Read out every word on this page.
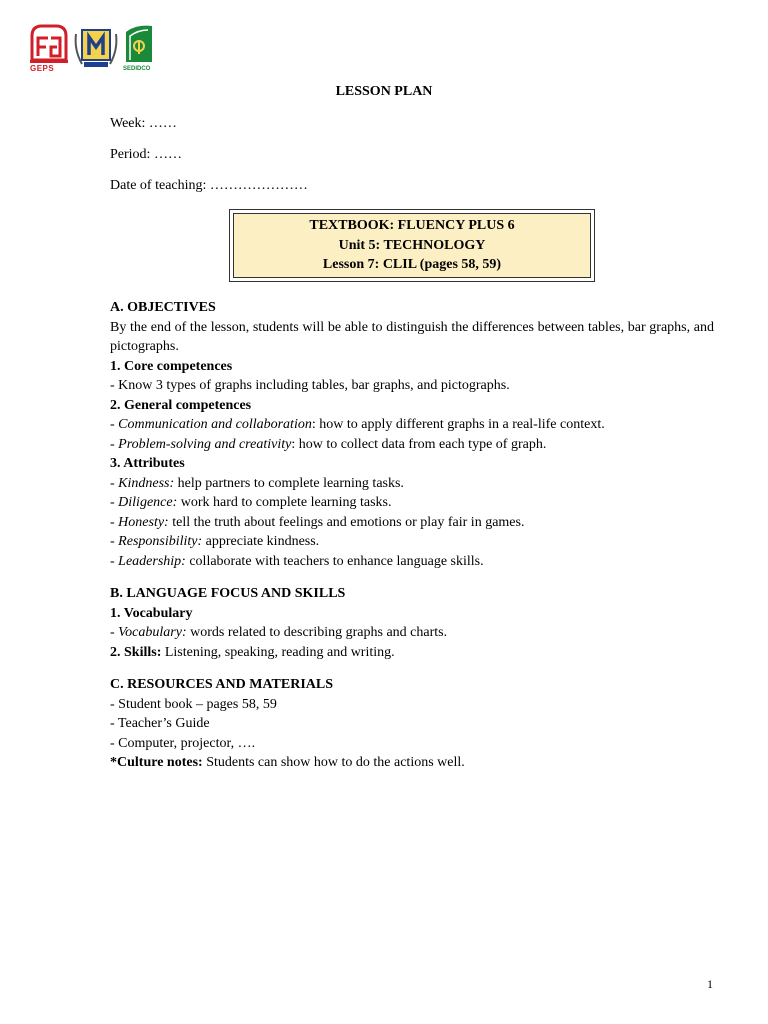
GEPS	SEDIDCO
LESSON PLAN
Week: ……
Period: ……
Date of teaching: …………………
TEXTBOOK: FLUENCY PLUS 6
Unit 5: TECHNOLOGY
Lesson 7: CLIL (pages 58, 59)

A. OBJECTIVES

By the end of the lesson, students will be able to distinguish the differences between tables, bar graphs, and pictographs.

1. Core competences

- Know 3 types of graphs including tables, bar graphs, and pictographs.

2. General competences

- Communication and collaboration: how to apply different graphs in a real-life context.

- Problem-solving and creativity: how to collect data from each type of graph.

3. Attributes

- Kindness: help partners to complete learning tasks.

- Diligence: work hard to complete learning tasks.

- Honesty: tell the truth about feelings and emotions or play fair in games.

- Responsibility: appreciate kindness.

- Leadership: collaborate with teachers to enhance language skills.

B. LANGUAGE FOCUS AND SKILLS

1. Vocabulary

- Vocabulary: words related to describing graphs and charts.

2. Skills: Listening, speaking, reading and writing.

C. RESOURCES AND MATERIALS

- Student book – pages 58, 59

- Teacher’s Guide

- Computer, projector, ….

*Culture notes: Students can show how to do the actions well.

1
